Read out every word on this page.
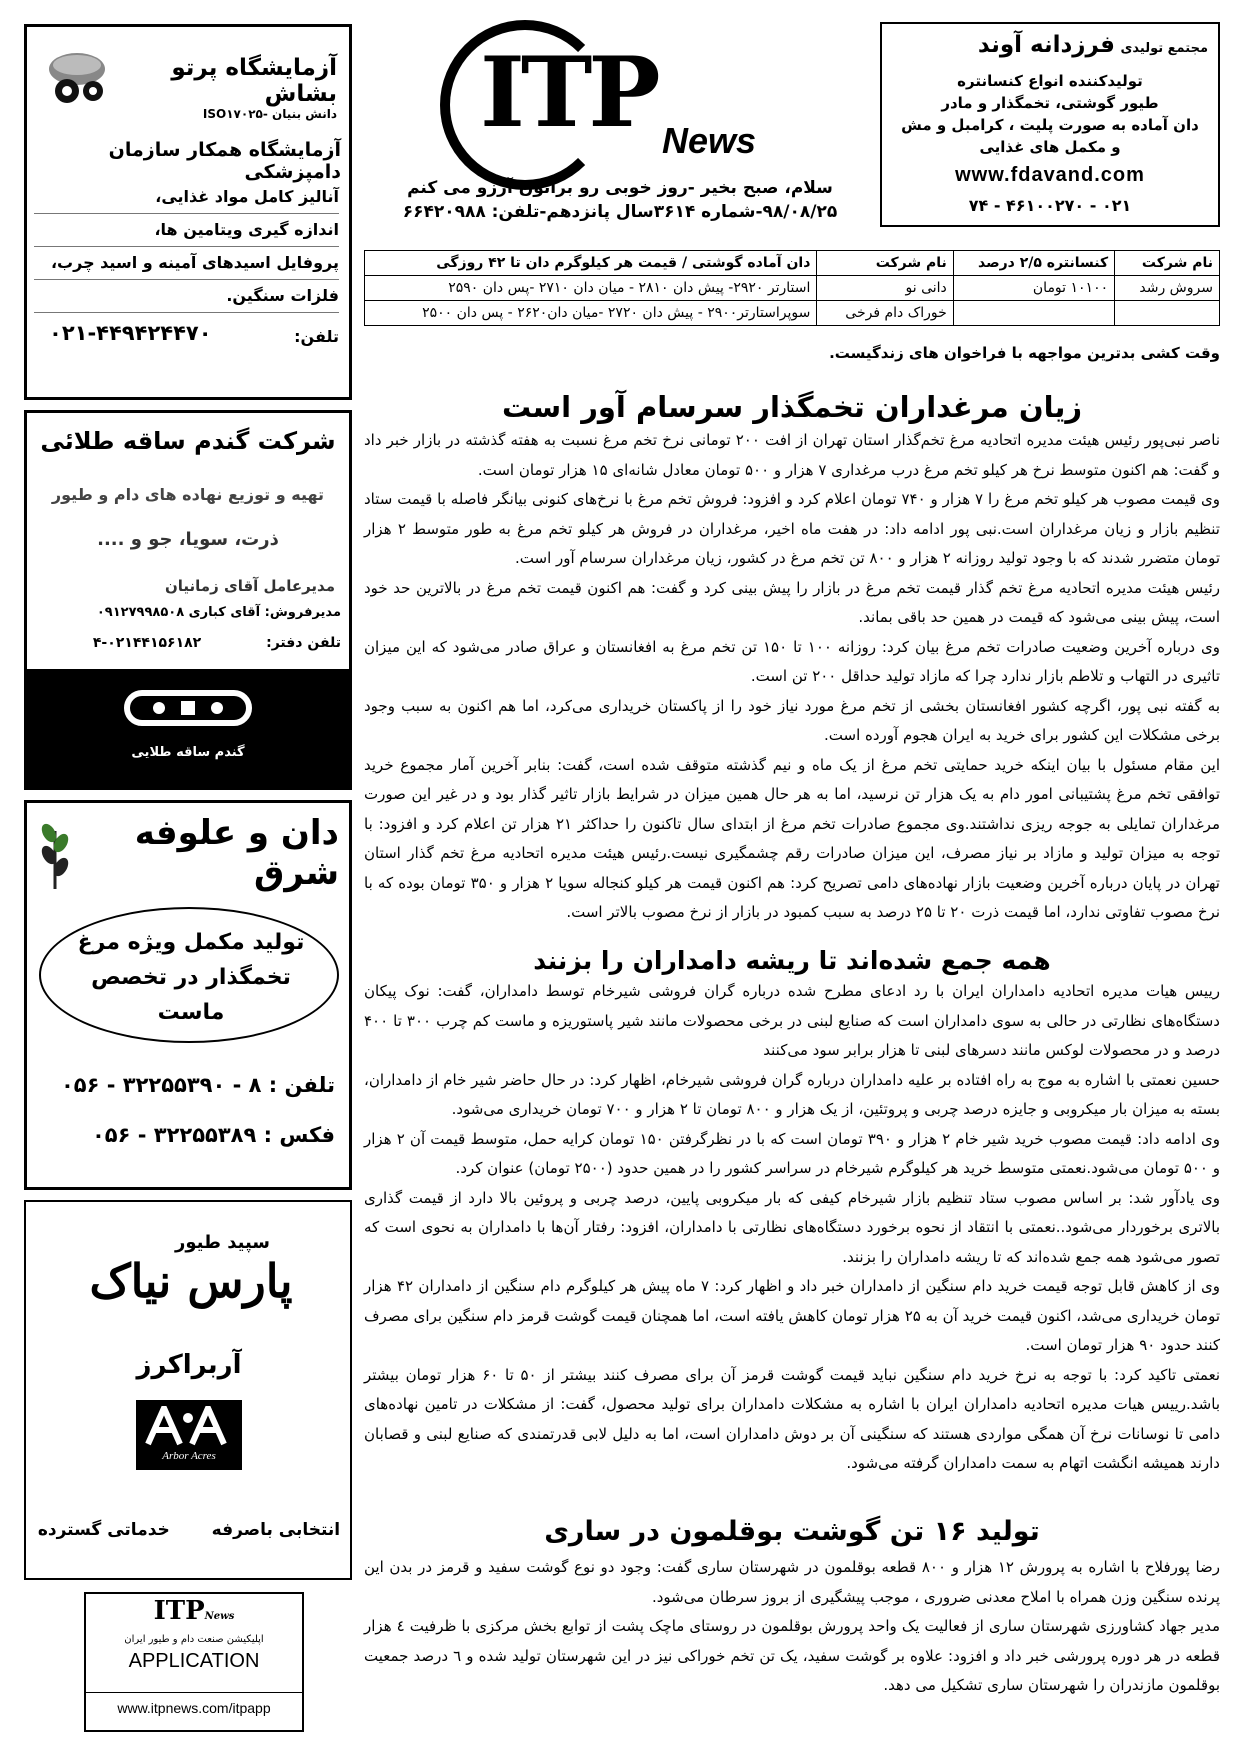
آزمایشگاه پرتو بشاش
دانش بنیان -ISO۱۷۰۲۵
آزمایشگاه همکار سازمان دامپزشکی
آنالیز کامل مواد غذایی،
اندازه گیری ویتامین ها،
پروفایل اسیدهای آمینه و اسید چرب،
فلزات سنگین.
تلفن:
۰۲۱-۴۴۹۴۲۴۴۷۰
شرکت گندم ساقه طلائی
تهیه و توزیع نهاده های دام و طیور
ذرت، سویا، جو و ....
مدیرعامل آقای زمانیان
مدیرفروش: آقای کباری ۰۹۱۲۷۹۹۸۵۰۸
تلفن دفتر: ۰۲۱۴۴۱۵۶۱۸۲-۴
گندم ساقه طلایی
دان و علوفه شرق
تولید مکمل ویژه مرغ تخمگذار در تخصص ماست
تلفن : ۸ - ۳۲۲۵۵۳۹۰ - ۰۵۶
فکس : ۳۲۲۵۵۳۸۹ - ۰۵۶
سپید طیور
پارس نیاک
آربراکرز
Arbor Acres
انتخابی باصرفه  خدماتی گسترده
ITPNews
اپلیکیشن صنعت دام و طیور ایران
APPLICATION
www.itpnews.com/itpapp
ITP News
سلام، صبح بخیر -روز خوبی رو براتون آرزو می کنم
۹۸/۰۸/۲۵-شماره ۳۶۱۴سال پانزدهم-تلفن: ۶۶۴۲۰۹۸۸
مجتمع تولیدی فرزدانه آوند
تولیدکننده انواع کنسانتره
طیور گوشتی، تخمگذار و مادر
دان آماده به صورت پلیت ، کرامبل و مش
و مکمل های غذایی
www.fdavand.com
۰۲۱ - ۴۶۱۰۰۲۷۰ - ۷۴
دان آماده گوشتی / قیمت هر کیلوگرم دان تا ۴۲ روزگی	نام شرکت	کنسانتره ۲/۵ درصد	نام شرکت
استارتر ۲۹۲۰- پیش دان ۲۸۱۰ - میان دان ۲۷۱۰ -پس دان ۲۵۹۰	دانی نو	۱۰۱۰۰ تومان	سروش رشد
سوپراستارتر۲۹۰۰ - پیش دان ۲۷۲۰ -میان دان۲۶۲۰ - پس دان ۲۵۰۰	خوراک دام فرخی		
وقت کشی بدترین مواجهه با فراخوان های زندگیست.
زیان مرغداران تخمگذار سرسام آور است

ناصر نبی‌پور رئیس هیئت مدیره اتحادیه مرغ تخم‌گذار استان تهران از افت ۲۰۰ تومانی نرخ تخم مرغ نسبت به هفته گذشته در بازار خبر داد و گفت: هم اکنون متوسط نرخ هر کیلو تخم مرغ درب مرغداری ۷ هزار و ۵۰۰ تومان معادل شانه‌ای ۱۵ هزار تومان است.

وی قیمت مصوب هر کیلو تخم مرغ را ۷ هزار و ۷۴۰ تومان اعلام کرد و افزود: فروش تخم مرغ با نرخ‌های کنونی بیانگر فاصله با قیمت ستاد تنظیم بازار و زیان مرغداران است.نبی پور ادامه داد: در هفت ماه اخیر، مرغداران در فروش هر کیلو تخم مرغ به طور متوسط ۲ هزار تومان متضرر شدند که با وجود تولید روزانه ۲ هزار و ۸۰۰ تن تخم مرغ در کشور، زیان مرغداران سرسام آور است.

رئیس هیئت مدیره اتحادیه مرغ تخم گذار قیمت تخم مرغ در بازار را پیش بینی کرد و گفت: هم اکنون قیمت تخم مرغ در بالاترین حد خود است، پیش بینی می‌شود که قیمت در همین حد باقی بماند.

وی درباره آخرین وضعیت صادرات تخم مرغ بیان کرد: روزانه ۱۰۰ تا ۱۵۰ تن تخم مرغ به افغانستان و عراق صادر می‌شود که این میزان تاثیری در التهاب و تلاطم بازار ندارد چرا که مازاد تولید حداقل ۲۰۰ تن است.

به گفته نبی پور، اگرچه کشور افغانستان بخشی از تخم مرغ مورد نیاز خود را از پاکستان خریداری می‌کرد، اما هم اکنون به سبب وجود برخی مشکلات این کشور برای خرید به ایران هجوم آورده است.

این مقام مسئول با بیان اینکه خرید حمایتی تخم مرغ از یک ماه و نیم گذشته متوقف شده است، گفت: بنابر آخرین آمار مجموع خرید توافقی تخم مرغ پشتیبانی امور دام به یک هزار تن نرسید، اما به هر حال همین میزان در شرایط بازار تاثیر گذار بود و در غیر این صورت مرغداران تمایلی به جوجه ریزی نداشتند.وی مجموع صادرات تخم مرغ از ابتدای سال تاکنون را حداکثر ۲۱ هزار تن اعلام کرد و افزود: با توجه به میزان تولید و مازاد بر نیاز مصرف، این میزان صادرات رقم چشمگیری نیست.رئیس هیئت مدیره اتحادیه مرغ تخم گذار استان تهران در پایان درباره آخرین وضعیت بازار نهاده‌های دامی تصریح کرد: هم اکنون قیمت هر کیلو کنجاله سویا ۲ هزار و ۳۵۰ تومان بوده که با نرخ مصوب تفاوتی ندارد، اما قیمت ذرت ۲۰ تا ۲۵ درصد به سبب کمبود در بازار از نرخ مصوب بالاتر است.

همه جمع شده‌اند تا ریشه دامداران را بزنند

رییس هیات مدیره اتحادیه دامداران ایران با رد ادعای مطرح شده درباره گران فروشی شیرخام توسط دامداران، گفت: نوک پیکان دستگاه‌های نظارتی در حالی به سوی دامداران است که صنایع لبنی در برخی محصولات مانند شیر پاستوریزه و ماست کم چرب ۳۰۰ تا ۴۰۰ درصد و در محصولات لوکس مانند دسرهای لبنی تا هزار برابر سود می‌کنند

حسین نعمتی با اشاره به موج به راه افتاده بر علیه دامداران درباره گران فروشی شیرخام، اظهار کرد: در حال حاضر شیر خام از دامداران، بسته به میزان بار میکروبی و جایزه درصد چربی و پروتئین، از یک هزار و ۸۰۰ تومان تا ۲ هزار و ۷۰۰ تومان خریداری می‌شود.

وی ادامه داد: قیمت مصوب خرید شیر خام ۲ هزار و ۳۹۰ تومان است که با در نظرگرفتن ۱۵۰ تومان کرایه حمل، متوسط قیمت آن ۲ هزار و ۵۰۰ تومان می‌شود.نعمتی متوسط خرید هر کیلوگرم شیرخام در سراسر کشور را در همین حدود (۲۵۰۰ تومان) عنوان کرد.

وی یادآور شد: بر اساس مصوب ستاد تنظیم بازار شیرخام کیفی که بار میکروبی پایین، درصد چربی و پروئین بالا دارد از قیمت گذاری بالاتری برخوردار می‌شود..نعمتی با انتقاد از نحوه برخورد دستگاه‌های نظارتی با دامداران، افزود: رفتار آن‌ها با دامداران به نحوی است که تصور می‌شود همه جمع شده‌اند که تا ریشه دامداران را بزنند.

وی از کاهش قابل توجه قیمت خرید دام سنگین از دامداران خبر داد و اظهار کرد: ۷ ماه پیش هر کیلوگرم دام سنگین از دامداران ۴۲ هزار تومان خریداری می‌شد، اکنون قیمت خرید آن به ۲۵ هزار تومان کاهش یافته است، اما همچنان قیمت گوشت قرمز دام سنگین برای مصرف کنند حدود ۹۰ هزار تومان است.

نعمتی تاکید کرد: با توجه به نرخ خرید دام سنگین نباید قیمت گوشت قرمز آن برای مصرف کنند بیشتر از ۵۰ تا ۶۰ هزار تومان بیشتر باشد.رییس هیات مدیره اتحادیه دامداران ایران با اشاره به مشکلات دامداران برای تولید محصول، گفت: از مشکلات در تامین نهاده‌های دامی تا نوسانات نرخ آن همگی مواردی هستند که سنگینی آن بر دوش دامداران است، اما به دلیل لابی قدرتمندی که صنایع لبنی و قصابان دارند همیشه انگشت اتهام به سمت دامداران گرفته می‌شود.

تولید ۱۶ تن گوشت بوقلمون در ساری

رضا پورفلاح با اشاره به پرورش ۱۲ هزار و ۸۰۰ قطعه بوقلمون در شهرستان ساری گفت: وجود دو نوع گوشت سفید و قرمز در بدن این پرنده سنگین وزن همراه با املاح معدنی ضروری ، موجب پیشگیری از بروز سرطان می‌شود.

مدیر جهاد کشاورزی شهرستان ساری از فعالیت یک واحد پرورش بوقلمون در روستای ماچک پشت از توابع بخش مرکزی با ظرفیت ٤ هزار قطعه در هر دوره پرورشی خبر داد و افزود: علاوه بر گوشت سفید، یک تن تخم خوراکی نیز در این شهرستان تولید شده و ٦ درصد جمعیت بوقلمون مازندران را شهرستان ساری تشکیل می دهد.
